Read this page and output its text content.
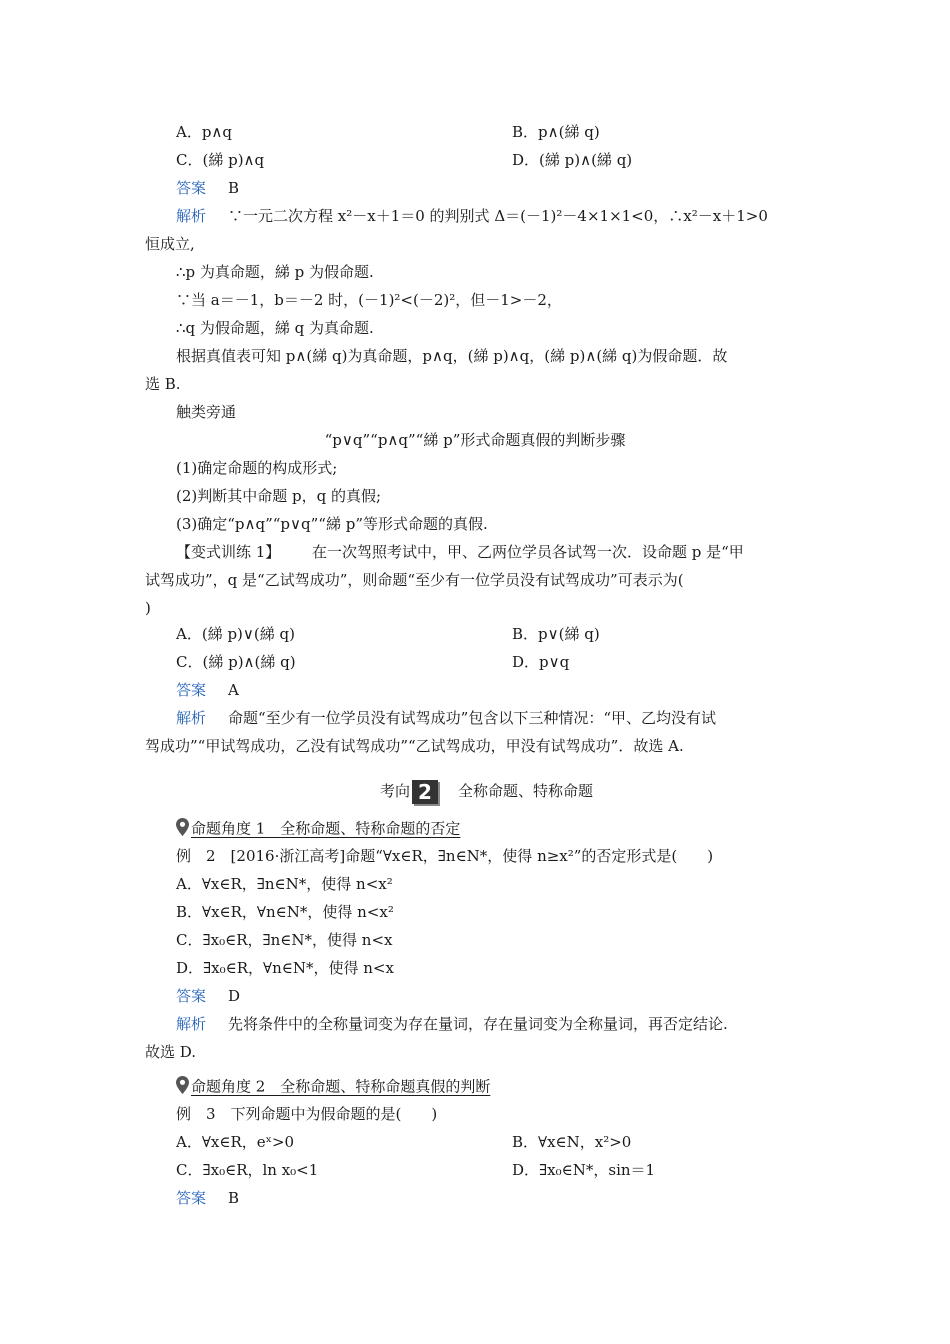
A．p∧q	B．p∧(綈 q)
C．(綈 p)∧q	D．(綈 p)∧(綈 q)
答案 B
解析 ∵一元二次方程 x²－x＋1＝0 的判别式 Δ＝(－1)²－4×1×1<0，∴x²－x＋1>0
恒成立,
∴p 为真命题，綈 p 为假命题.
∵当 a＝－1，b＝－2 时，(－1)²<(－2)²，但－1>－2，
∴q 为假命题，綈 q 为真命题.
根据真值表可知 p∧(綈 q)为真命题，p∧q，(綈 p)∧q，(綈 p)∧(綈 q)为假命题．故
选 B.
触类旁通
“p∨q”“p∧q”“綈 p”形式命题真假的判断步骤
(1)确定命题的构成形式;
(2)判断其中命题 p，q 的真假;
(3)确定“p∧q”“p∨q”“綈 p”等形式命题的真假.
【变式训练 1】 在一次驾照考试中，甲、乙两位学员各试驾一次．设命题 p 是“甲
试驾成功”，q 是“乙试驾成功”，则命题“至少有一位学员没有试驾成功”可表示为(
)
A．(綈 p)∨(綈 q)	B．p∨(綈 q)
C．(綈 p)∧(綈 q)	D．p∨q
答案 A
解析 命题“至少有一位学员没有试驾成功”包含以下三种情况：“甲、乙均没有试
驾成功”“甲试驾成功，乙没有试驾成功”“乙试驾成功，甲没有试驾成功”．故选 A.
考向 2 全称命题、特称命题
命题角度 1　全称命题、特称命题的否定
例　2　[2016·浙江高考]命题“∀x∈R，∃n∈N*，使得 n≥x²”的否定形式是(　　)
A．∀x∈R，∃n∈N*，使得 n<x²
B．∀x∈R，∀n∈N*，使得 n<x²
C．∃x₀∈R，∃n∈N*，使得 n<x
D．∃x₀∈R，∀n∈N*，使得 n<x
答案 D
解析 先将条件中的全称量词变为存在量词，存在量词变为全称量词，再否定结论.
故选 D.
命题角度 2　全称命题、特称命题真假的判断
例　3　下列命题中为假命题的是(　　)
A．∀x∈R，eˣ>0	B．∀x∈N，x²>0
C．∃x₀∈R，ln x₀<1	D．∃x₀∈N*，sin＝1
答案 B
